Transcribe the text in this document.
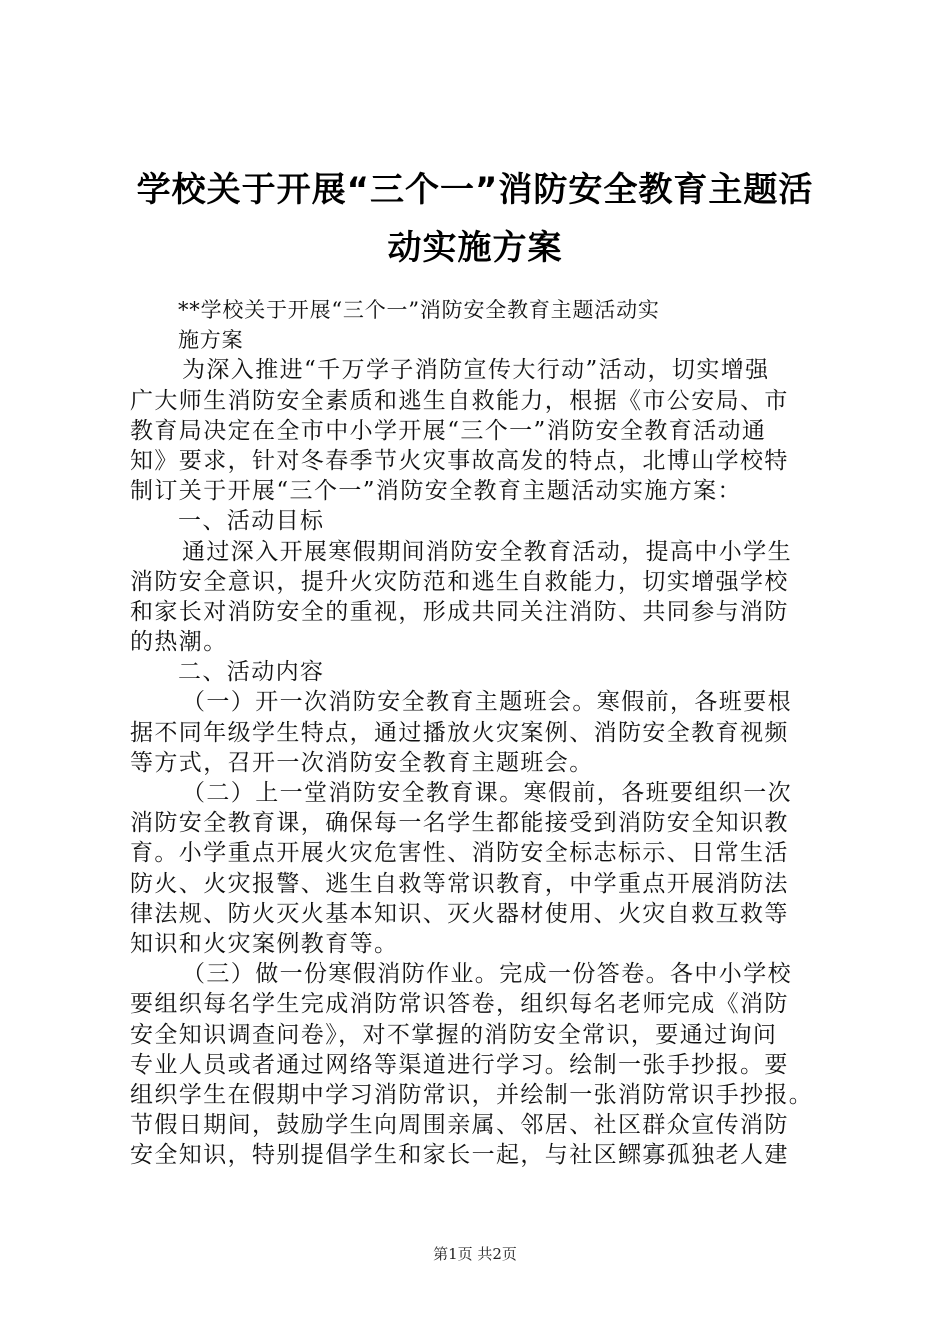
学校关于开展“三个一”消防安全教育主题活
动实施方案
**学校关于开展“三个一”消防安全教育主题活动实
施方案
为深入推进“千万学子消防宣传大行动”活动，切实增强
广大师生消防安全素质和逃生自救能力，根据《市公安局、市
教育局决定在全市中小学开展“三个一”消防安全教育活动通
知》要求，针对冬春季节火灾事故高发的特点，北博山学校特
制订关于开展“三个一”消防安全教育主题活动实施方案：
一、活动目标
通过深入开展寒假期间消防安全教育活动，提高中小学生
消防安全意识，提升火灾防范和逃生自救能力，切实增强学校
和家长对消防安全的重视，形成共同关注消防、共同参与消防
的热潮。
二、活动内容
（一）开一次消防安全教育主题班会。寒假前，各班要根
据不同年级学生特点，通过播放火灾案例、消防安全教育视频
等方式，召开一次消防安全教育主题班会。
（二）上一堂消防安全教育课。寒假前，各班要组织一次
消防安全教育课，确保每一名学生都能接受到消防安全知识教
育。小学重点开展火灾危害性、消防安全标志标示、日常生活
防火、火灾报警、逃生自救等常识教育，中学重点开展消防法
律法规、防火灭火基本知识、灭火器材使用、火灾自救互救等
知识和火灾案例教育等。
（三）做一份寒假消防作业。完成一份答卷。各中小学校
要组织每名学生完成消防常识答卷，组织每名老师完成《消防
安全知识调查问卷》，对不掌握的消防安全常识，要通过询问
专业人员或者通过网络等渠道进行学习。绘制一张手抄报。要
组织学生在假期中学习消防常识，并绘制一张消防常识手抄报。
节假日期间，鼓励学生向周围亲属、邻居、社区群众宣传消防
安全知识，特别提倡学生和家长一起，与社区鳏寡孤独老人建
第1页 共2页
